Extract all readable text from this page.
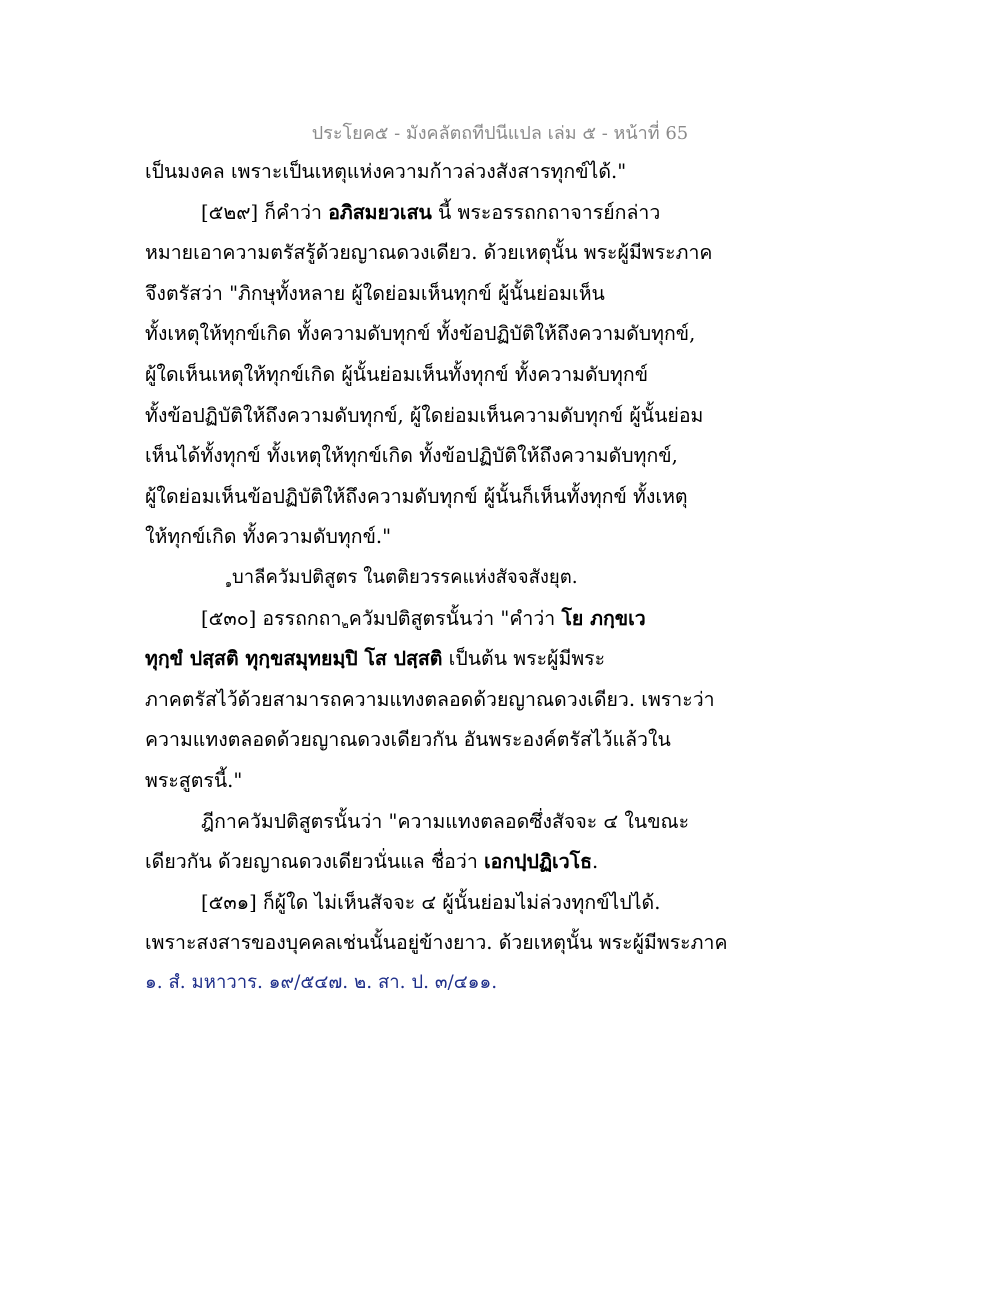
ประโยค๕ - มังคลัตถทีปนีแปล เล่ม ๕ - หน้าที่ 65
เป็นมงคล เพราะเป็นเหตุแห่งความก้าวล่วงสังสารทุกข์ได้."
[๕๒๙] ก็คำว่า อภิสมยวเสน นี้ พระอรรถกถาจารย์กล่าว
หมายเอาความตรัสรู้ด้วยญาณดวงเดียว. ด้วยเหตุนั้น พระผู้มีพระภาค
จึงตรัสว่า "ภิกษุทั้งหลาย ผู้ใดย่อมเห็นทุกข์ ผู้นั้นย่อมเห็น
ทั้งเหตุให้ทุกข์เกิด ทั้งความดับทุกข์ ทั้งข้อปฏิบัติให้ถึงความดับทุกข์,
ผู้ใดเห็นเหตุให้ทุกข์เกิด ผู้นั้นย่อมเห็นทั้งทุกข์ ทั้งความดับทุกข์
ทั้งข้อปฏิบัติให้ถึงความดับทุกข์, ผู้ใดย่อมเห็นความดับทุกข์ ผู้นั้นย่อม
เห็นได้ทั้งทุกข์ ทั้งเหตุให้ทุกข์เกิด ทั้งข้อปฏิบัติให้ถึงความดับทุกข์,
ผู้ใดย่อมเห็นข้อปฏิบัติให้ถึงความดับทุกข์ ผู้นั้นก็เห็นทั้งทุกข์ ทั้งเหตุ
ให้ทุกข์เกิด ทั้งความดับทุกข์."
$^๑$บาลีควัมปติสูตร ในตติยวรรคแห่งสัจจสังยุต.
[๕๓๐] อรรถกถา$^๒$ควัมปติสูตรนั้นว่า "คำว่า โย ภกฺขเว
ทุกฺขํ ปสฺสติ ทุกฺขสมุทยมฺปิ โส ปสฺสติ เป็นต้น พระผู้มีพระ
ภาคตรัสไว้ด้วยสามารถความแทงตลอดด้วยญาณดวงเดียว. เพราะว่า
ความแทงตลอดด้วยญาณดวงเดียวกัน อันพระองค์ตรัสไว้แล้วใน
พระสูตรนี้."
ฎีกาควัมปติสูตรนั้นว่า "ความแทงตลอดซึ่งสัจจะ ๔ ในขณะ
เดียวกัน ด้วยญาณดวงเดียวนั่นแล ชื่อว่า เอกปฺปฏิเวโธ.
[๕๓๑] ก็ผู้ใด ไม่เห็นสัจจะ ๔ ผู้นั้นย่อมไม่ล่วงทุกข์ไปได้.
เพราะสงสารของบุคคลเช่นนั้นอยู่ข้างยาว. ด้วยเหตุนั้น พระผู้มีพระภาค
๑. สํ. มหาวาร. ๑๙/๕๔๗. ๒. สา. ป. ๓/๔๑๑.
